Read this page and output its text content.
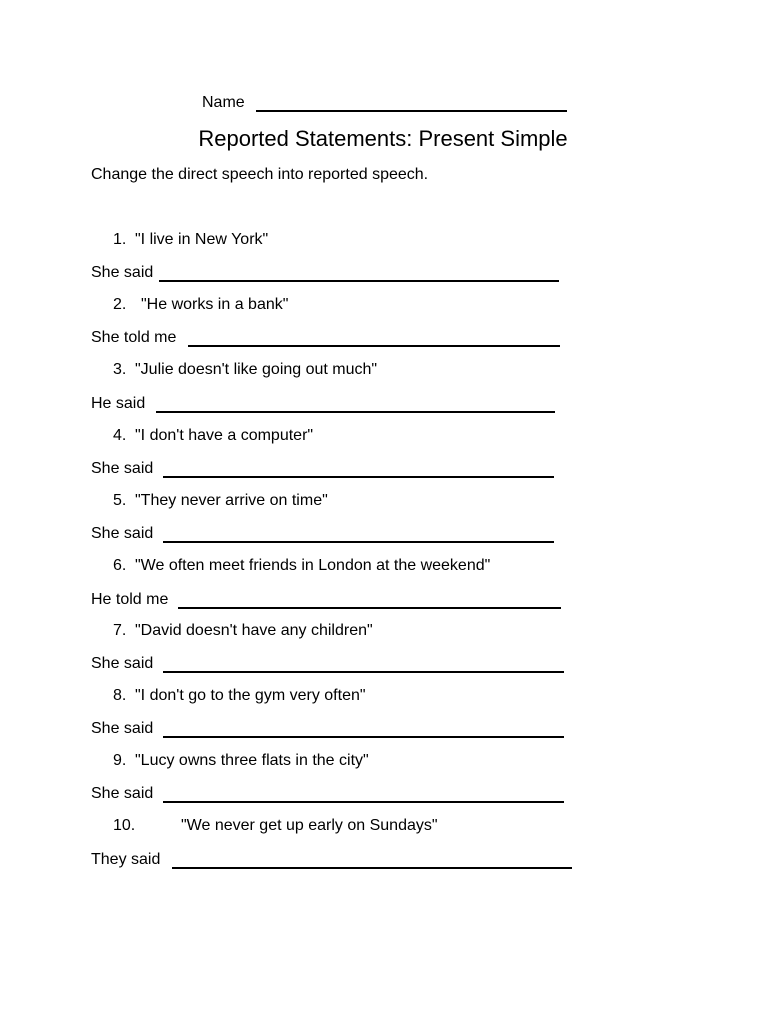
Name
Reported Statements: Present Simple
Change the direct speech into reported speech.
1. "I live in New York"
She said
2. "He works in a bank"
She told me
3. "Julie doesn't like going out much"
He said
4. "I don't have a computer"
She said
5. "They never arrive on time"
She said
6. "We often meet friends in London at the weekend"
He told me
7. "David doesn't have any children"
She said
8. "I don't go to the gym very often"
She said
9. "Lucy owns three flats in the city"
She said
10.	"We never get up early on Sundays"
They said
